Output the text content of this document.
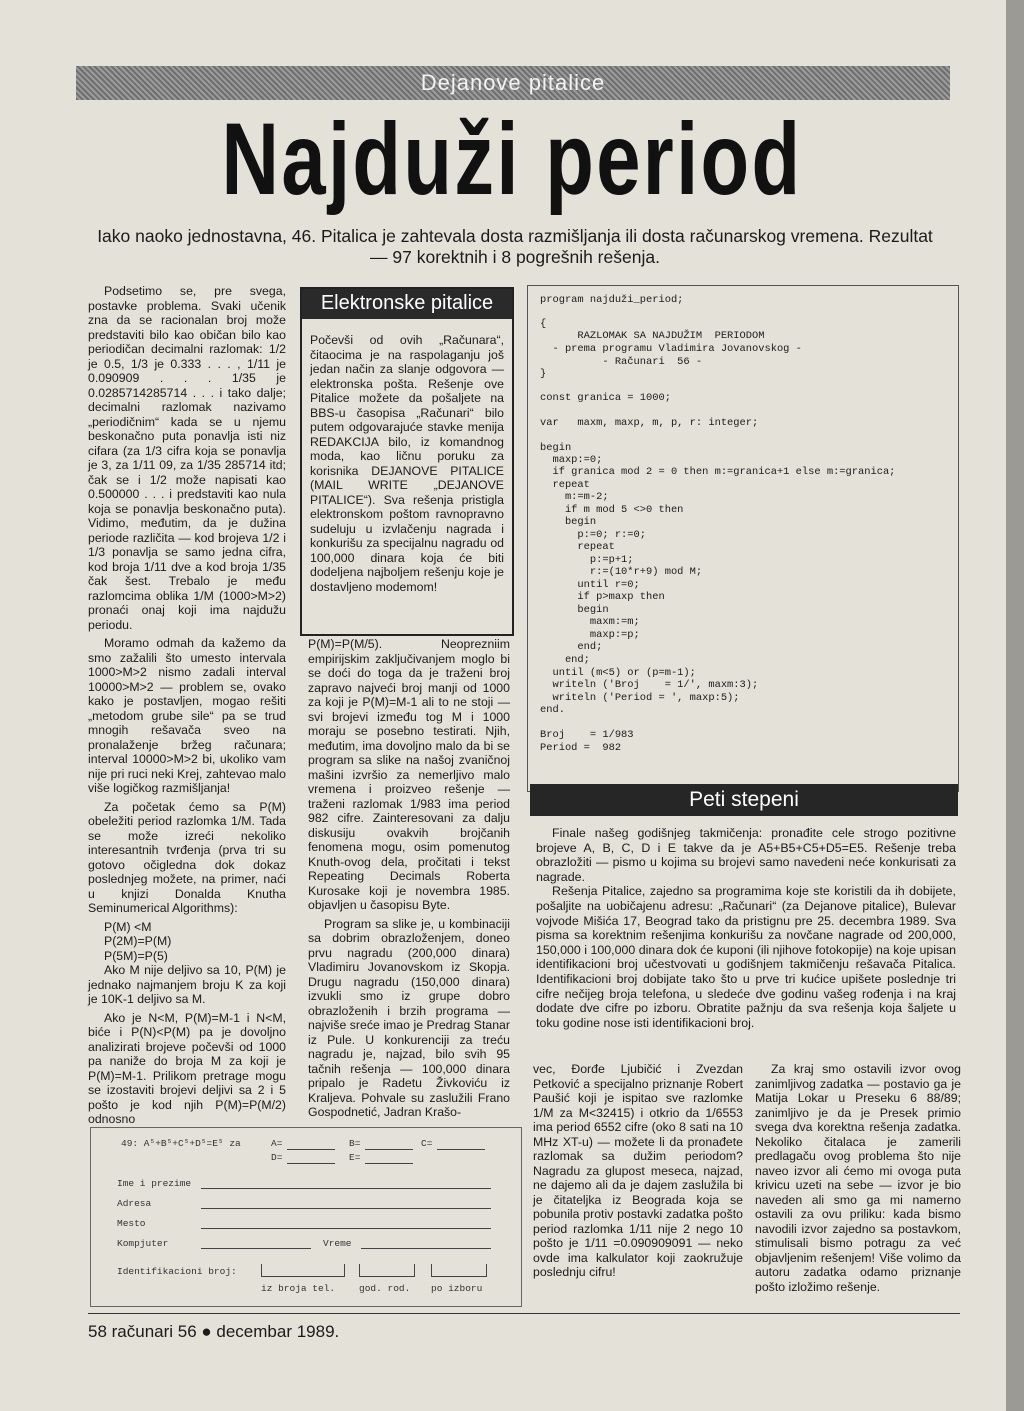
Dejanove pitalice
Najduži period
Iako naoko jednostavna, 46. Pitalica je zahtevala dosta razmišljanja ili dosta računarskog vremena. Rezultat — 97 korektnih i 8 pogrešnih rešenja.

Podsetimo se, pre svega, postavke problema. Svaki učenik zna da se racionalan broj može predstaviti bilo kao običan bilo kao periodičan decimalni razlomak: 1/2 je 0.5, 1/3 je 0.333 . . . , 1/11 je 0.090909 . . . 1/35 je 0.0285714285714 . . . i tako dalje; decimalni razlomak nazivamo „periodičnim“ kada se u njemu beskonačno puta ponavlja isti niz cifara (za 1/3 cifra koja se ponavlja je 3, za 1/11 09, za 1/35 285714 itd; čak se i 1/2 može napisati kao 0.500000 . . . i predstaviti kao nula koja se ponavlja beskonačno puta). Vidimo, međutim, da je dužina periode različita — kod brojeva 1/2 i 1/3 ponavlja se samo jedna cifra, kod broja 1/11 dve a kod broja 1/35 čak šest. Trebalo je među razlomcima oblika 1/M (1000>M>2) pronaći onaj koji ima najdužu periodu.

Moramo odmah da kažemo da smo zažalili što umesto intervala 1000>M>2 nismo zadali interval 10000>M>2 — problem se, ovako kako je postavljen, mogao rešiti „metodom grube sile“ pa se trud mnogih rešavača sveo na pronalaženje bržeg računara; interval 10000>M>2 bi, ukoliko vam nije pri ruci neki Krej, zahtevao malo više logičkog razmišljanja!

Za početak ćemo sa P(M) obeležiti period razlomka 1/M. Tada se može izreći nekoliko interesantnih tvrđenja (prva tri su gotovo očigledna dok dokaz poslednjeg možete, na primer, naći u knjizi Donalda Knutha Seminumerical Algorithms):

P(M) <M
P(2M)=P(M)
P(5M)=P(5)

Ako M nije deljivo sa 10, P(M) je jednako najmanjem broju K za koji je 10K-1 deljivo sa M.

Ako je N<M, P(M)=M-1 i N<M, biće i P(N)<P(M) pa je dovoljno analizirati brojeve počevši od 1000 pa naniže do broja M za koji je P(M)=M-1. Prilikom pretrage mogu se izostaviti brojevi deljivi sa 2 i 5 pošto je kod njih P(M)=P(M/2) odnosno

Elektronske pitalice
Počevši od ovih „Računara“, čitaocima je na raspolaganju još jedan način za slanje odgovora — elektronska pošta. Rešenje ove Pitalice možete da pošaljete na BBS-u časopisa „Računari“ bilo putem odgovarajuće stavke menija REDAKCIJA bilo, iz komandnog moda, kao ličnu poruku za korisnika DEJANOVE PITALICE (MAIL WRITE „DEJANOVE PITALICE“). Sva rešenja pristigla elektronskom poštom ravnopravno sudeluju u izvlačenju nagrada i konkurišu za specijalnu nagradu od 100,000 dinara koja će biti dodeljena najboljem rešenju koje je dostavljeno modemom!

P(M)=P(M/5). Neoprezniim empirijskim zaključivanjem moglo bi se doći do toga da je traženi broj zapravo najveći broj manji od 1000 za koji je P(M)=M-1 ali to ne stoji — svi brojevi između tog M i 1000 moraju se posebno testirati. Njih, međutim, ima dovoljno malo da bi se program sa slike na našoj zvaničnoj mašini izvršio za nemerljivo malo vremena i proizveo rešenje — traženi razlomak 1/983 ima period 982 cifre. Zainteresovani za dalju diskusiju ovakvih brojčanih fenomena mogu, osim pomenutog Knuth-ovog dela, pročitati i tekst Repeating Decimals Roberta Kurosake koji je novembra 1985. objavljen u časopisu Byte.

Program sa slike je, u kombinaciji sa dobrim obrazloženjem, doneo prvu nagradu (200,000 dinara) Vladimiru Jovanovskom iz Skopja. Drugu nagradu (150,000 dinara) izvukli smo iz grupe dobro obrazloženih i brzih programa — najviše sreće imao je Predrag Stanar iz Pule. U konkurenciji za treću nagradu je, najzad, bilo svih 95 tačnih rešenja — 100,000 dinara pripalo je Radetu Živkoviću iz Kraljeva. Pohvale su zaslužili Frano Gospodnetić, Jadran Krašo-

program najduži_period;
{
RAZLOMAK SA NAJDUŽIM  PERIODOM
- prema programu Vladimira Jovanovskog -
- Računari  56 -
}
const granica = 1000;
var   maxm, maxp, m, p, r: integer;
begin
maxp:=0;
if granica mod 2 = 0 then m:=granica+1 else m:=granica;
repeat
m:=m-2;
if m mod 5 <>0 then
begin
p:=0; r:=0;
repeat
p:=p+1;
r:=(10*r+9) mod M;
until r=0;
if p>maxp then
begin
maxm:=m;
maxp:=p;
end;
end;
until (m<5) or (p=m-1);
writeln ('Broj    = 1/', maxm:3);
writeln ('Period = ', maxp:5);
end.
Broj    = 1/983
Period =  982
Peti stepeni

Finale našeg godišnjeg takmičenja: pronađite cele strogo pozitivne brojeve A, B, C, D i E takve da je A5+B5+C5+D5=E5. Rešenje treba obrazložiti — pismo u kojima su brojevi samo navedeni neće konkurisati za nagrade.

Rešenja Pitalice, zajedno sa programima koje ste koristili da ih dobijete, pošaljite na uobičajenu adresu: „Računari“ (za Dejanove pitalice), Bulevar vojvode Mišića 17, Beograd tako da pristignu pre 25. decembra 1989. Sva pisma sa korektnim rešenjima konkurišu za novčane nagrade od 200,000, 150,000 i 100,000 dinara dok će kuponi (ili njihove fotokopije) na koje upisan identifikacioni broj učestvovati u godišnjem takmičenju rešavača Pitalica. Identifikacioni broj dobijate tako što u prve tri kućice upišete poslednje tri cifre nečijeg broja telefona, u sledeće dve godinu vašeg rođenja i na kraj dodate dve cifre po izboru. Obratite pažnju da sva rešenja koja šaljete u toku godine nose isti identifikacioni broj.

vec, Đorđe Ljubičić i Zvezdan Petković a specijalno priznanje Robert Paušić koji je ispitao sve razlomke 1/M za M<32415) i otkrio da 1/6553 ima period 6552 cifre (oko 8 sati na 10 MHz XT-u) — možete li da pronađete razlomak sa dužim periodom? Nagradu za glupost meseca, najzad, ne dajemo ali da je dajem zaslužila bi je čitateljka iz Beograda koja se pobunila protiv postavki zadatka pošto period razlomka 1/11 nije 2 nego 10 pošto je 1/11 =0.090909091 — neko ovde ima kalkulator koji zaokružuje poslednju cifru!

Za kraj smo ostavili izvor ovog zanimljivog zadatka — postavio ga je Matija Lokar u Preseku 6 88/89; zanimljivo je da je Presek primio svega dva korektna rešenja zadatka. Nekoliko čitalaca je zamerili predlagaču ovog problema što nije naveo izvor ali ćemo mi ovoga puta krivicu uzeti na sebe — izvor je bio naveden ali smo ga mi namerno ostavili za ovu priliku: kada bismo navodili izvor zajedno sa postavkom, stimulisali bismo potragu za već objavljenim rešenjem! Više volimo da autoru zadatka odamo priznanje pošto izložimo rešenje.

49: A⁵+B⁵+C⁵+D⁵=E⁵ za	A=	B=	C=
D=	E=
Ime i prezime
Adresa
Mesto
Kompjuter	Vreme
Identifikacioni broj:
iz broja tel.	god. rod. po izboru
58 računari 56 ● decembar 1989.
